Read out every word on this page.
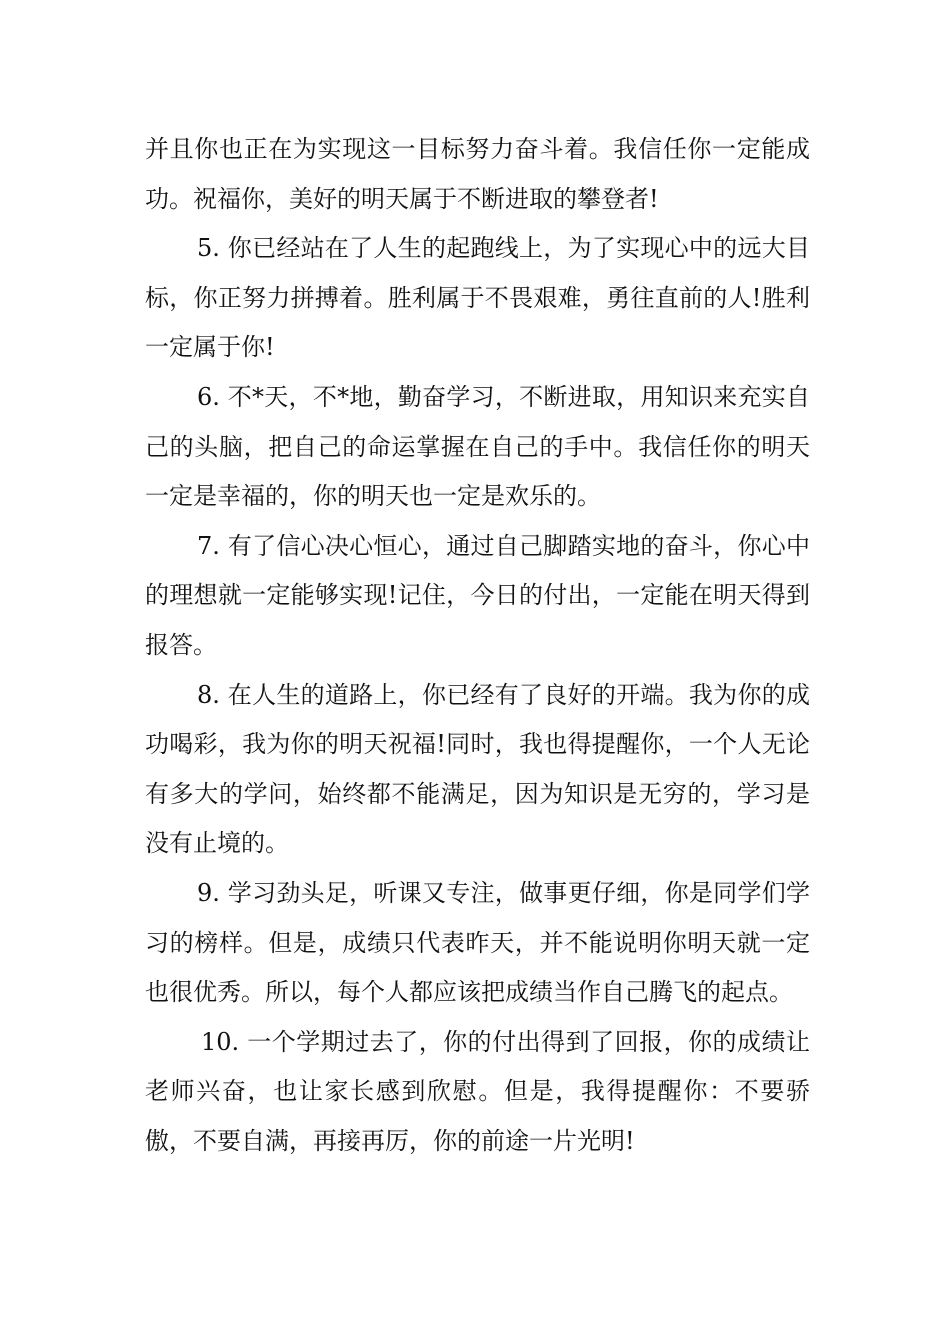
并且你也正在为实现这一目标努力奋斗着。我信任你一定能成功。祝福你，美好的明天属于不断进取的攀登者!

5. 你已经站在了人生的起跑线上，为了实现心中的远大目标，你正努力拼搏着。胜利属于不畏艰难，勇往直前的人!胜利一定属于你!

6. 不*天，不*地，勤奋学习，不断进取，用知识来充实自己的头脑，把自己的命运掌握在自己的手中。我信任你的明天一定是幸福的，你的明天也一定是欢乐的。

7. 有了信心决心恒心，通过自己脚踏实地的奋斗，你心中的理想就一定能够实现!记住，今日的付出，一定能在明天得到报答。

8. 在人生的道路上，你已经有了良好的开端。我为你的成功喝彩，我为你的明天祝福!同时，我也得提醒你，一个人无论有多大的学问，始终都不能满足，因为知识是无穷的，学习是没有止境的。

9. 学习劲头足，听课又专注，做事更仔细，你是同学们学习的榜样。但是，成绩只代表昨天，并不能说明你明天就一定也很优秀。所以，每个人都应该把成绩当作自己腾飞的起点。

10. 一个学期过去了，你的付出得到了回报，你的成绩让老师兴奋，也让家长感到欣慰。但是，我得提醒你：不要骄傲，不要自满，再接再厉，你的前途一片光明!
